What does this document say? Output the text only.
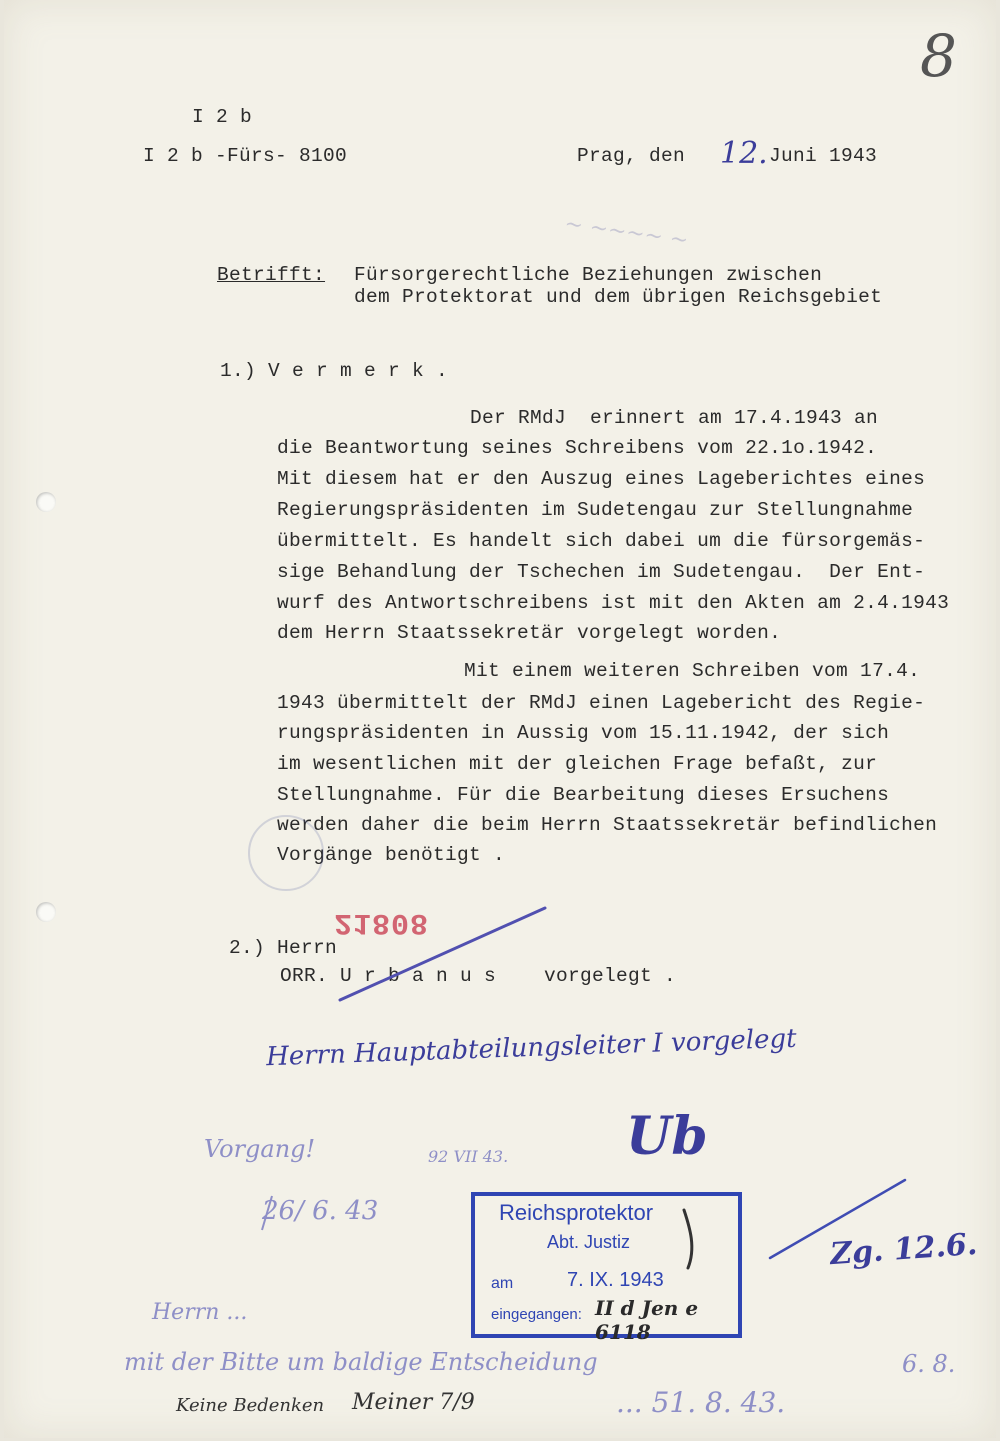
8
I 2 b
I 2 b -Fürs- 8100	Prag, den 12. Juni 1943
~ ~~~~ ~
Betrifft: Fürsorgerechtliche Beziehungen zwischen
dem Protektorat und dem übrigen Reichsgebiet
1.) V e r m e r k .
Der RMdJ  erinnert am 17.4.1943 an
die Beantwortung seines Schreibens vom 22.1o.1942.
Mit diesem hat er den Auszug eines Lageberichtes eines
Regierungspräsidenten im Sudetengau zur Stellungnahme
übermittelt. Es handelt sich dabei um die fürsorgemäs-
sige Behandlung der Tschechen im Sudetengau.  Der Ent-
wurf des Antwortschreibens ist mit den Akten am 2.4.1943
dem Herrn Staatssekretär vorgelegt worden.
Mit einem weiteren Schreiben vom 17.4.
1943 übermittelt der RMdJ einen Lagebericht des Regie-
rungspräsidenten in Aussig vom 15.11.1942, der sich
im wesentlichen mit der gleichen Frage befaßt, zur
Stellungnahme. Für die Bearbeitung dieses Ersuchens
werden daher die beim Herrn Staatssekretär befindlichen
Vorgänge benötigt .
21808
2.) Herrn
ORR. U r b a n u s    vorgelegt .
Herrn Hauptabteilungsleiter I vorgelegt
Vorgang!	92 VII 43. Ub
26/ 6. 43
Zg. 12.6.
Herrn ...
mit der Bitte um baldige Entscheidung	6. 8.
Keine Bedenken Meiner 7/9	... 51. 8. 43.
Reichsprotektor
Abt. Justiz
am	7. IX. 1943
eingegangen: II d Jen e 6118
